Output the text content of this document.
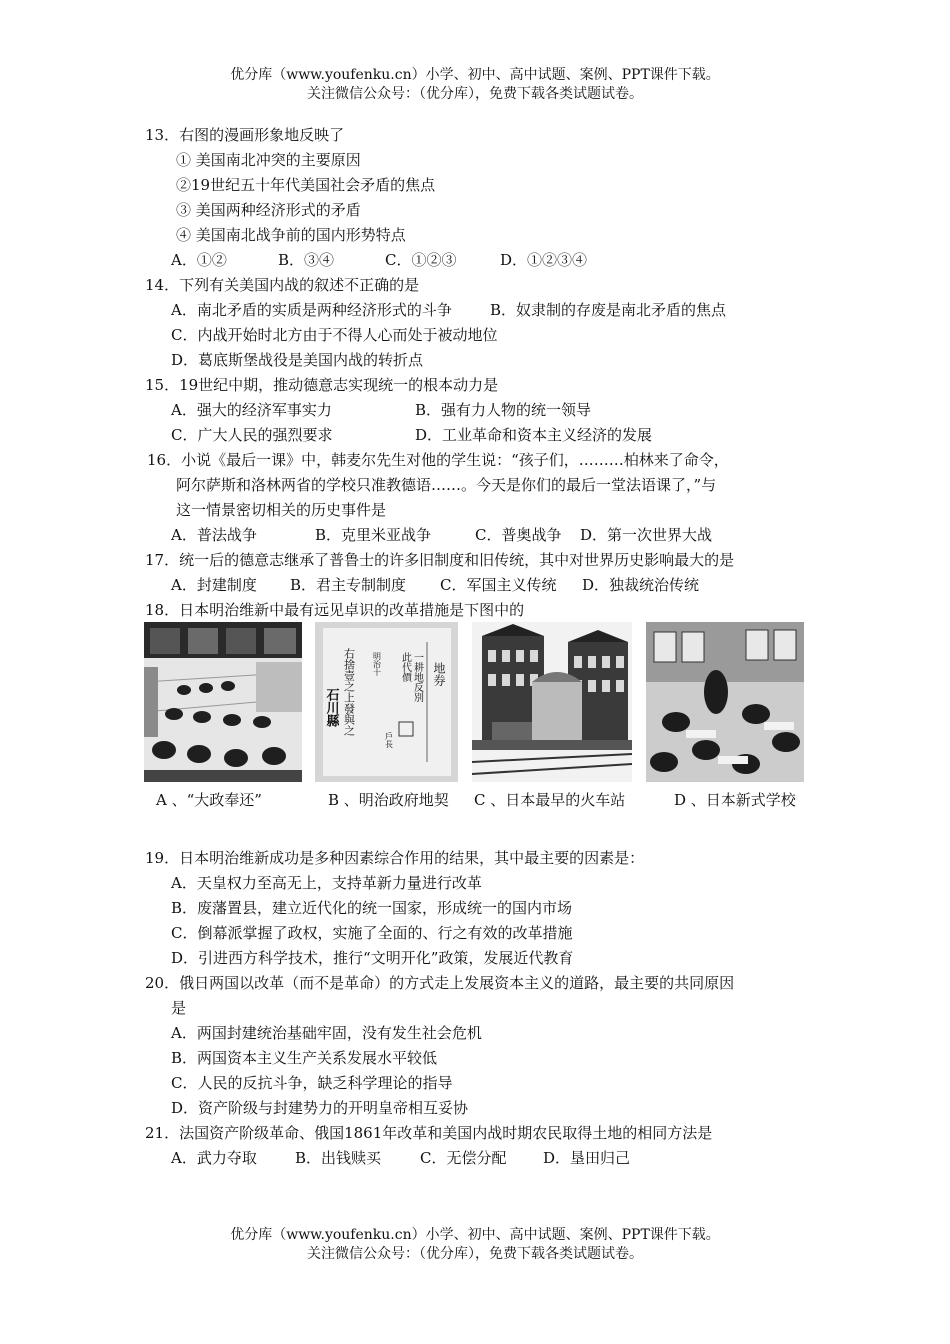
优分库（www.youfenku.cn）小学、初中、高中试题、案例、PPT课件下载。
关注微信公众号：（优分库），免费下载各类试题试卷。
13．右图的漫画形象地反映了
① 美国南北冲突的主要原因
②19世纪五十年代美国社会矛盾的焦点
③ 美国两种经济形式的矛盾
④ 美国南北战争前的国内形势特点
A．①②	B．③④	C．①②③	D．①②③④
14．下列有关美国内战的叙述不正确的是
A．南北矛盾的实质是两种经济形式的斗争	B．奴隶制的存废是南北矛盾的焦点
C．内战开始时北方由于不得人心而处于被动地位
D．葛底斯堡战役是美国内战的转折点
15．19世纪中期，推动德意志实现统一的根本动力是
A．强大的经济军事实力	B．强有力人物的统一领导
C．广大人民的强烈要求	D．工业革命和资本主义经济的发展
16．小说《最后一课》中，韩麦尔先生对他的学生说：“孩子们，………柏林来了命令，
阿尔萨斯和洛林两省的学校只准教德语……。今天是你们的最后一堂法语课了，”与
这一情景密切相关的历史事件是
A．普法战争	B．克里米亚战争	C．普奥战争 D．第一次世界大战
17．统一后的德意志继承了普鲁士的许多旧制度和旧传统，其中对世界历史影响最大的是
A．封建制度 B．君主专制制度 C．军国主义传统 D．独裁统治传统
18．日本明治维新中最有远见卓识的改革措施是下图中的
右捨壹之上發與之
石川縣
地券
一耕地反別
此代價
明治十
戶長
A 、“大政奉还”	B 、明治政府地契 C 、日本最早的火车站	D 、日本新式学校
19．日本明治维新成功是多种因素综合作用的结果，其中最主要的因素是：
A．天皇权力至高无上，支持革新力量进行改革
B．废藩置县，建立近代化的统一国家，形成统一的国内市场
C．倒幕派掌握了政权，实施了全面的、行之有效的改革措施
D．引进西方科学技术，推行“文明开化”政策，发展近代教育
20．俄日两国以改革（而不是革命）的方式走上发展资本主义的道路，最主要的共同原因
是
A．两国封建统治基础牢固，没有发生社会危机
B．两国资本主义生产关系发展水平较低
C．人民的反抗斗争，缺乏科学理论的指导
D．资产阶级与封建势力的开明皇帝相互妥协
21．法国资产阶级革命、俄国1861年改革和美国内战时期农民取得土地的相同方法是
A．武力夺取	B．出钱赎买	C．无偿分配 D．垦田归己
优分库（www.youfenku.cn）小学、初中、高中试题、案例、PPT课件下载。
关注微信公众号：（优分库），免费下载各类试题试卷。
